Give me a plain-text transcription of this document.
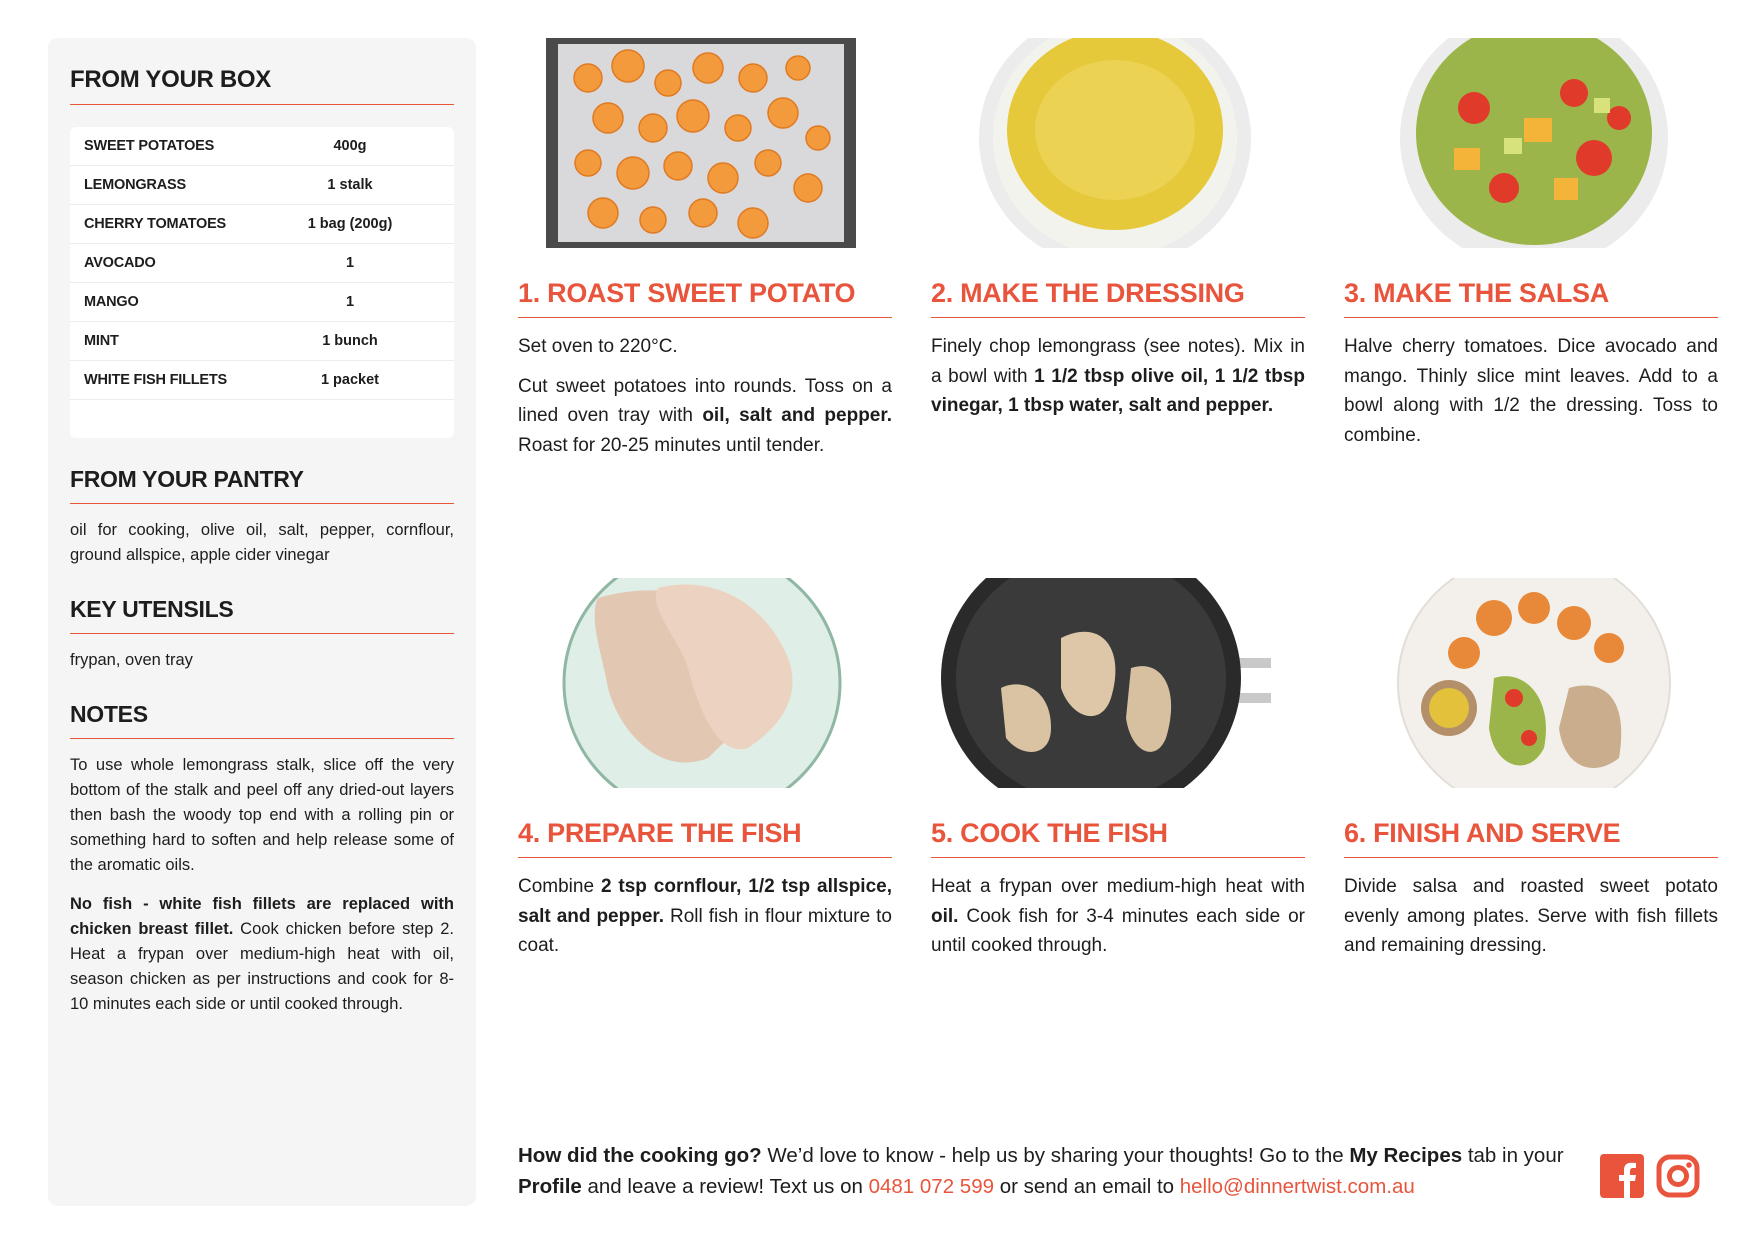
FROM YOUR BOX
SWEET POTATOES	400g
LEMONGRASS	1 stalk
CHERRY TOMATOES	1 bag (200g)
AVOCADO	1
MANGO	1
MINT	1 bunch
WHITE FISH FILLETS	1 packet
FROM YOUR PANTRY

oil for cooking, olive oil, salt, pepper, cornflour, ground allspice, apple cider vinegar

KEY UTENSILS

frypan, oven tray

NOTES

To use whole lemongrass stalk, slice off the very bottom of the stalk and peel off any dried-out layers then bash the woody top end with a rolling pin or something hard to soften and help release some of the aromatic oils.

No fish - white fish fillets are replaced with chicken breast fillet. Cook chicken before step 2. Heat a frypan over medium-high heat with oil, season chicken as per instructions and cook for 8-10 minutes each side or until cooked through.

1. ROAST SWEET POTATO

Set oven to 220°C.

Cut sweet potatoes into rounds. Toss on a lined oven tray with oil, salt and pepper. Roast for 20-25 minutes until tender.

2. MAKE THE DRESSING

Finely chop lemongrass (see notes). Mix in a bowl with 1 1/2 tbsp olive oil, 1 1/2 tbsp vinegar, 1 tbsp water, salt and pepper.

3. MAKE THE SALSA

Halve cherry tomatoes. Dice avocado and mango. Thinly slice mint leaves. Add to a bowl along with 1/2 the dressing. Toss to combine.

4. PREPARE THE FISH

Combine 2 tsp cornflour, 1/2 tsp allspice, salt and pepper. Roll fish in flour mixture to coat.

5. COOK THE FISH

Heat a frypan over medium-high heat with oil. Cook fish for 3-4 minutes each side or until cooked through.

6. FINISH AND SERVE

Divide salsa and roasted sweet potato evenly among plates. Serve with fish fillets and remaining dressing.

How did the cooking go? We’d love to know - help us by sharing your thoughts! Go to the My Recipes tab in your Profile and leave a review! Text us on 0481 072 599 or send an email to hello@dinnertwist.com.au
